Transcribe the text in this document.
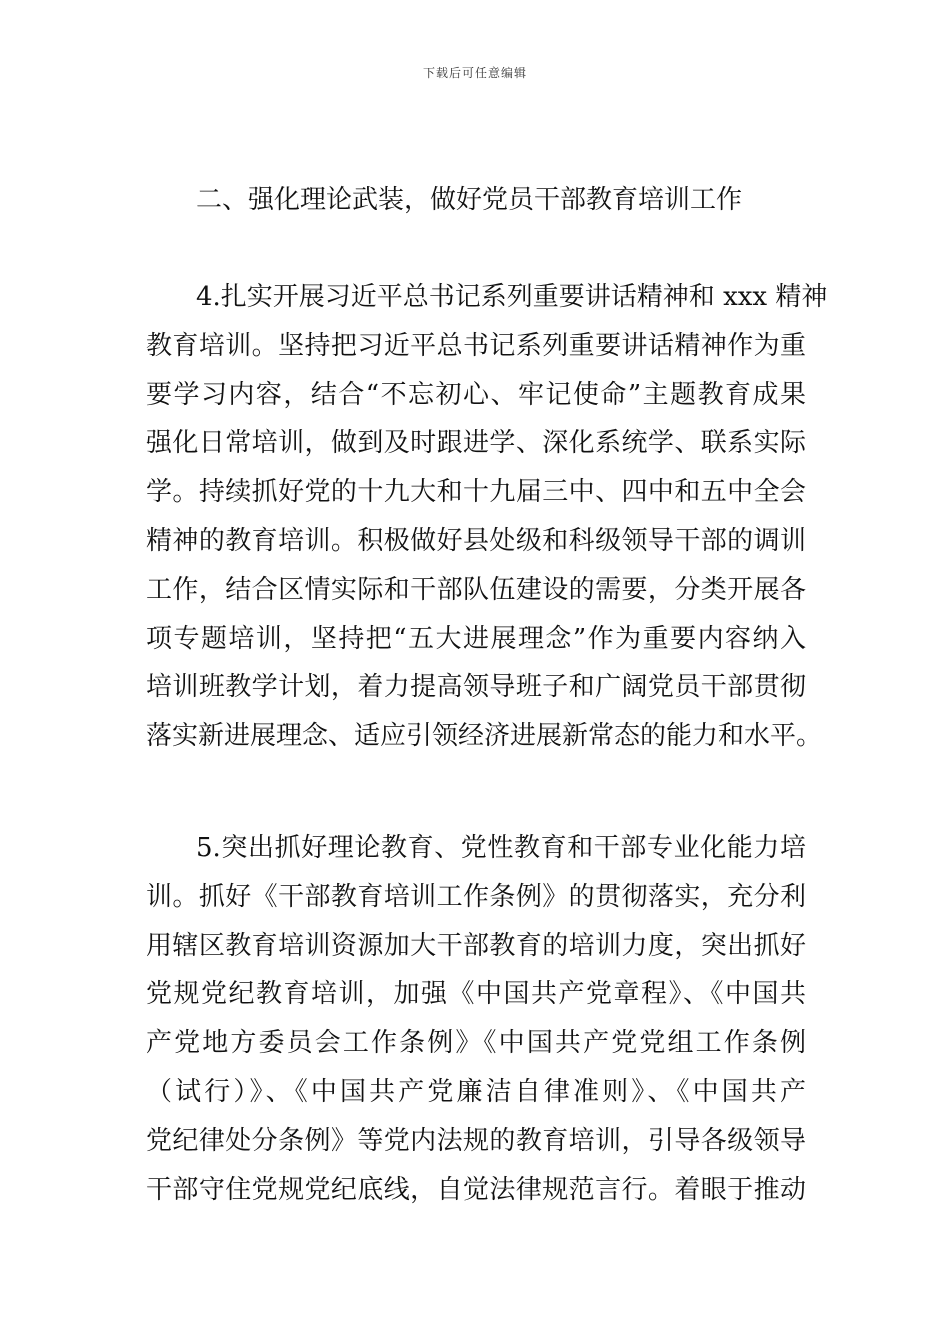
下载后可任意编辑
二、强化理论武装，做好党员干部教育培训工作
4.扎实开展习近平总书记系列重要讲话精神和 xxx 精神
教育培训。坚持把习近平总书记系列重要讲话精神作为重
要学习内容，结合“不忘初心、牢记使命”主题教育成果
强化日常培训，做到及时跟进学、深化系统学、联系实际
学。持续抓好党的十九大和十九届三中、四中和五中全会
精神的教育培训。积极做好县处级和科级领导干部的调训
工作，结合区情实际和干部队伍建设的需要，分类开展各
项专题培训，坚持把“五大进展理念”作为重要内容纳入
培训班教学计划，着力提高领导班子和广阔党员干部贯彻
落实新进展理念、适应引领经济进展新常态的能力和水平。
5.突出抓好理论教育、党性教育和干部专业化能力培
训。抓好《干部教育培训工作条例》的贯彻落实，充分利
用辖区教育培训资源加大干部教育的培训力度，突出抓好
党规党纪教育培训，加强《中国共产党章程》、《中国共
产党地方委员会工作条例》《中国共产党党组工作条例
（试行）》、《中国共产党廉洁自律准则》、《中国共产
党纪律处分条例》等党内法规的教育培训，引导各级领导
干部守住党规党纪底线，自觉法律规范言行。着眼于推动
